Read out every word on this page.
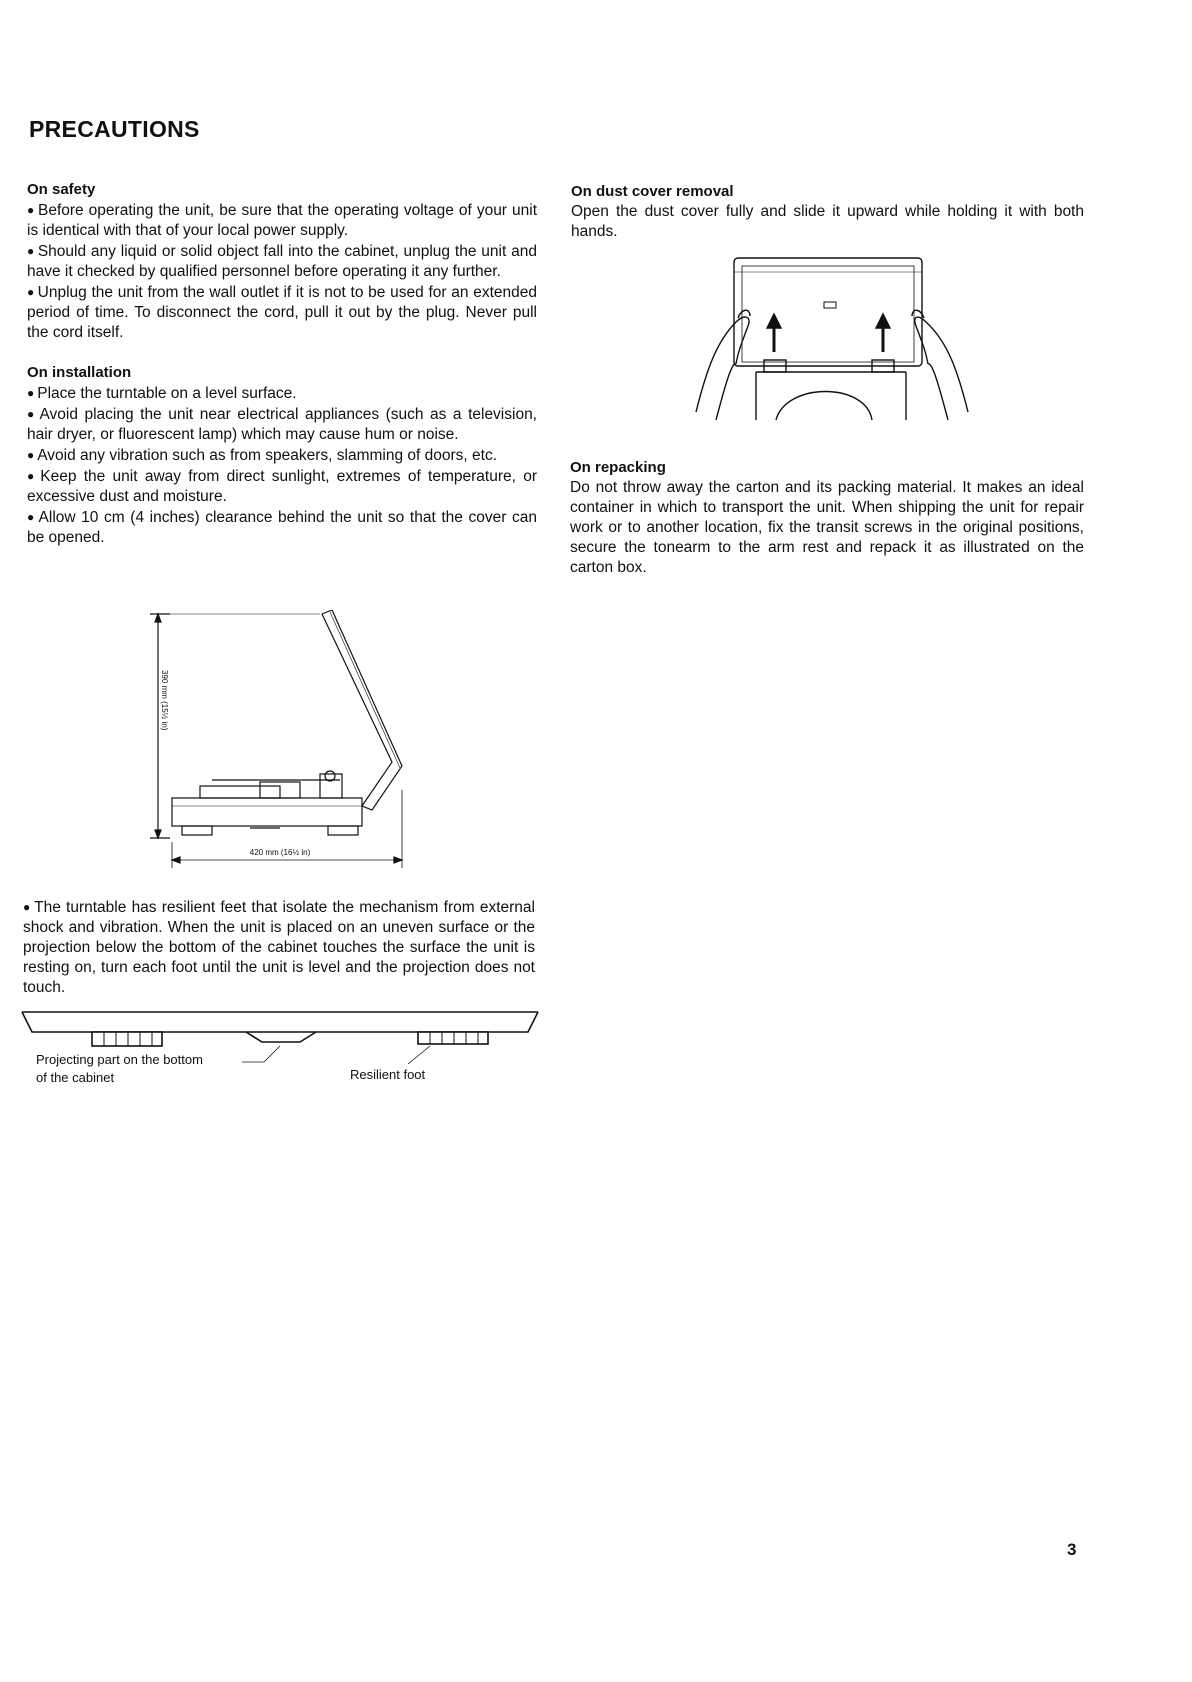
PRECAUTIONS

On safety

● Before operating the unit, be sure that the operating voltage of your unit is identical with that of your local power supply.

● Should any liquid or solid object fall into the cabinet, unplug the unit and have it checked by qualified personnel before operating it any further.

● Unplug the unit from the wall outlet if it is not to be used for an extended period of time. To disconnect the cord, pull it out by the plug. Never pull the cord itself.

On installation

● Place the turntable on a level surface.

● Avoid placing the unit near electrical appliances (such as a television, hair dryer, or fluorescent lamp) which may cause hum or noise.

● Avoid any vibration such as from speakers, slamming of doors, etc.

● Keep the unit away from direct sunlight, extremes of temperature, or excessive dust and moisture.

● Allow 10 cm (4 inches) clearance behind the unit so that the cover can be opened.

390 mm (15½ in)
420 mm (16½ in)
● The turntable has resilient feet that isolate the mechanism from external shock and vibration. When the unit is placed on an uneven surface or the projection below the bottom of the cabinet touches the surface the unit is resting on, turn each foot until the unit is level and the projection does not touch.
Projecting part on the bottom
of the cabinet	Resilient foot

On dust cover removal

Open the dust cover fully and slide it upward while holding it with both hands.

On repacking

Do not throw away the carton and its packing material. It makes an ideal container in which to transport the unit. When shipping the unit for repair work or to another location, fix the transit screws in the original positions, secure the tonearm to the arm rest and repack it as illustrated on the carton box.

3
